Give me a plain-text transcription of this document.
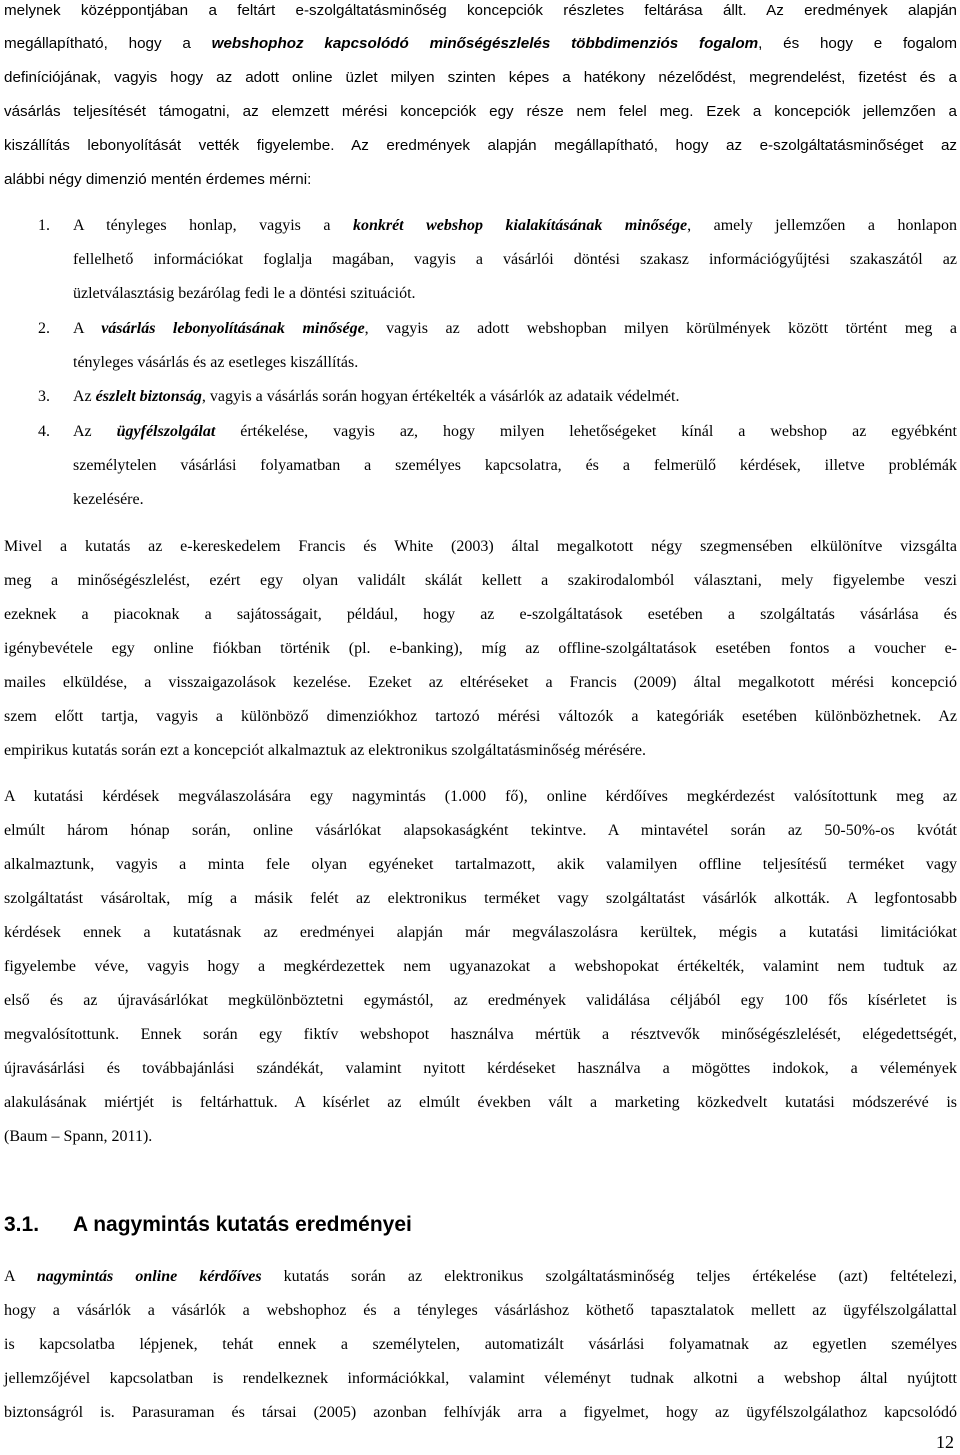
melynek középpontjában a feltárt e-szolgáltatásminőség koncepciók részletes feltárása állt. Az eredmények alapján
megállapítható, hogy a webshophoz kapcsolódó minőségészlelés többdimenziós fogalom, és hogy e fogalom
definíciójának, vagyis hogy az adott online üzlet milyen szinten képes a hatékony nézelődést, megrendelést, fizetést és a
vásárlás teljesítését támogatni, az elemzett mérési koncepciók egy része nem felel meg. Ezek a koncepciók jellemzően a
kiszállítás lebonyolítását vették figyelembe. Az eredmények alapján megállapítható, hogy az e-szolgáltatásminőséget az
alábbi négy dimenzió mentén érdemes mérni:
1. A tényleges honlap, vagyis a konkrét webshop kialakításának minősége, amely jellemzően a honlapon
fellelhető információkat foglalja magában, vagyis a vásárlói döntési szakasz információgyűjtési szakaszától az
üzletválasztásig bezárólag fedi le a döntési szituációt.
2. A vásárlás lebonyolításának minősége, vagyis az adott webshopban milyen körülmények között történt meg a
tényleges vásárlás és az esetleges kiszállítás.
3. Az észlelt biztonság, vagyis a vásárlás során hogyan értékelték a vásárlók az adataik védelmét.
4. Az ügyfélszolgálat értékelése, vagyis az, hogy milyen lehetőségeket kínál a webshop az egyébként
személytelen vásárlási folyamatban a személyes kapcsolatra, és a felmerülő kérdések, illetve problémák
kezelésére.
Mivel a kutatás az e-kereskedelem Francis és White (2003) által megalkotott négy szegmensében elkülönítve vizsgálta
meg a minőségészlelést, ezért egy olyan validált skálát kellett a szakirodalomból választani, mely figyelembe veszi
ezeknek a piacoknak a sajátosságait, például, hogy az e-szolgáltatások esetében a szolgáltatás vásárlása és
igénybevétele egy online fiókban történik (pl. e-banking), míg az offline-szolgáltatások esetében fontos a voucher e-
mailes elküldése, a visszaigazolások kezelése. Ezeket az eltéréseket a Francis (2009) által megalkotott mérési koncepció
szem előtt tartja, vagyis a különböző dimenziókhoz tartozó mérési változók a kategóriák esetében különbözhetnek. Az
empirikus kutatás során ezt a koncepciót alkalmaztuk az elektronikus szolgáltatásminőség mérésére.
A kutatási kérdések megválaszolására egy nagymintás (1.000 fő), online kérdőíves megkérdezést valósítottunk meg az
elmúlt három hónap során, online vásárlókat alapsokaságként tekintve. A mintavétel során az 50-50%-os kvótát
alkalmaztunk, vagyis a minta fele olyan egyéneket tartalmazott, akik valamilyen offline teljesítésű terméket vagy
szolgáltatást vásároltak, míg a másik felét az elektronikus terméket vagy szolgáltatást vásárlók alkották. A legfontosabb
kérdések ennek a kutatásnak az eredményei alapján már megválaszolásra kerültek, mégis a kutatási limitációkat
figyelembe véve, vagyis hogy a megkérdezettek nem ugyanazokat a webshopokat értékelték, valamint nem tudtuk az
első és az újravásárlókat megkülönböztetni egymástól, az eredmények validálása céljából egy 100 fős kísérletet is
megvalósítottunk. Ennek során egy fiktív webshopot használva mértük a résztvevők minőségészlelését, elégedettségét,
újravásárlási és továbbajánlási szándékát, valamint nyitott kérdéseket használva a mögöttes indokok, a vélemények
alakulásának miértjét is feltárhattuk. A kísérlet az elmúlt években vált a marketing közkedvelt kutatási módszerévé is
(Baum – Spann, 2011).
3.1. A nagymintás kutatás eredményei
A nagymintás online kérdőíves kutatás során az elektronikus szolgáltatásminőség teljes értékelése (azt) feltételezi,
hogy a vásárlók a vásárlók a webshophoz és a tényleges vásárláshoz köthető tapasztalatok mellett az ügyfélszolgálattal
is kapcsolatba lépjenek, tehát ennek a személytelen, automatizált vásárlási folyamatnak az egyetlen személyes
jellemzőjével kapcsolatban is rendelkeznek információkkal, valamint véleményt tudnak alkotni a webshop által nyújtott
biztonságról is. Parasuraman és társai (2005) azonban felhívják arra a figyelmet, hogy az ügyfélszolgálathoz kapcsolódó
12
